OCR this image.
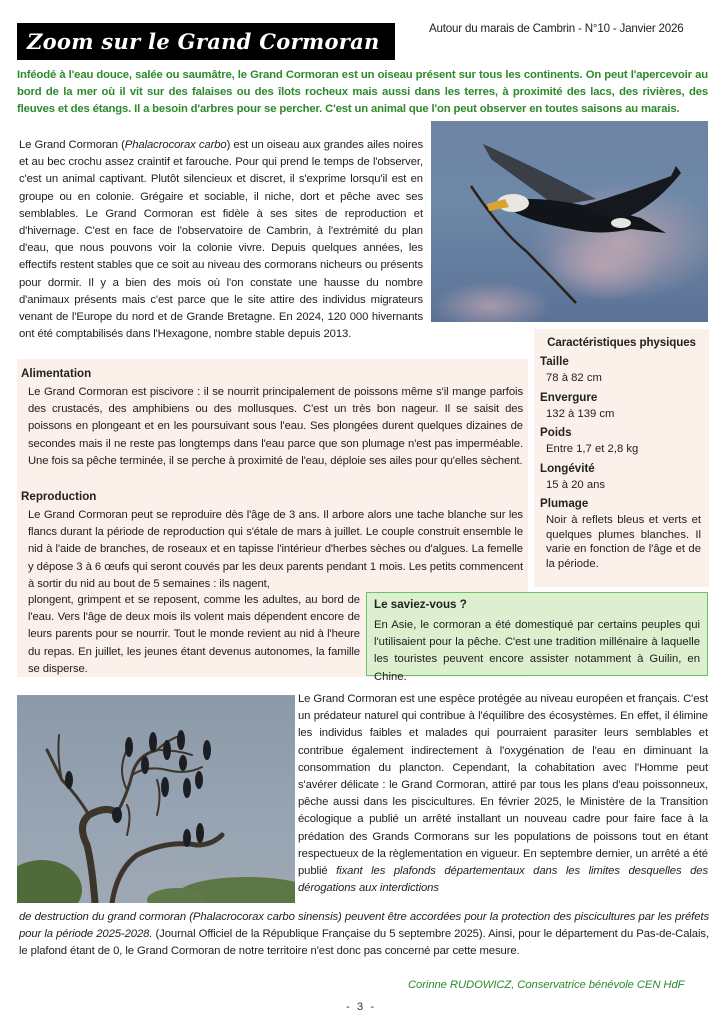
Zoom sur le Grand Cormoran
Autour du marais de Cambrin - N°10 - Janvier 2026

Inféodé à l'eau douce, salée ou saumâtre, le Grand Cormoran est un oiseau présent sur tous les continents. On peut l'apercevoir au bord de la mer où il vit sur des falaises ou des îlots rocheux mais aussi dans les terres, à proximité des lacs, des rivières, des fleuves et des étangs. Il a besoin d'arbres pour se percher. C'est un animal que l'on peut observer en toutes saisons au marais.

Le Grand Cormoran (Phalacrocorax carbo) est un oiseau aux grandes ailes noires et au bec crochu assez craintif et farouche. Pour qui prend le temps de l'observer, c'est un animal captivant. Plutôt silencieux et discret, il s'exprime lorsqu'il est en groupe ou en colonie. Grégaire et sociable, il niche, dort et pêche avec ses semblables. Le Grand Cormoran est fidèle à ses sites de reproduction et d'hivernage. C'est en face de l'observatoire de Cambrin, à l'extrémité du plan d'eau, que nous pouvons voir la colonie vivre. Depuis quelques années, les effectifs restent stables que ce soit au niveau des cormorans nicheurs ou présents pour dormir. Il y a bien des mois où l'on constate une hausse du nombre d'animaux présents mais c'est parce que le site attire des individus migrateurs venant de l'Europe du nord et de Grande Bretagne. En 2024, 120 000 hivernants ont été comptabilisés dans l'Hexagone, nombre stable depuis 2013.

Caractéristiques physiques
Taille
78 à 82 cm
Envergure
132 à 139 cm
Poids
Entre 1,7 et 2,8 kg
Longévité
15 à 20 ans
Plumage
Noir à reflets bleus et verts et quelques plumes blanches. Il varie en fonction de l'âge et de la période.
Alimentation

Le Grand Cormoran est piscivore : il se nourrit principalement de poissons même s'il mange parfois des crustacés, des amphibiens ou des mollusques. C'est un très bon nageur. Il se saisit des poissons en plongeant et en les poursuivant sous l'eau. Ses plongées durent quelques dizaines de secondes mais il ne reste pas longtemps dans l'eau parce que son plumage n'est pas imperméable. Une fois sa pêche terminée, il se perche à proximité de l'eau, déploie ses ailes pour qu'elles sèchent.

Reproduction

Le Grand Cormoran peut se reproduire dès l'âge de 3 ans. Il arbore alors une tache blanche sur les flancs durant la période de reproduction qui s'étale de mars à juillet. Le couple construit ensemble le nid à l'aide de branches, de roseaux et en tapisse l'intérieur d'herbes sèches ou d'algues. La femelle y dépose 3 à 6 œufs qui seront couvés par les deux parents pendant 1 mois. Les petits commencent à sortir du nid au bout de 5 semaines : ils nagent,

plongent, grimpent et se reposent, comme les adultes, au bord de l'eau. Vers l'âge de deux mois ils volent mais dépendent encore de leurs parents pour se nourrir. Tout le monde revient au nid à l'heure du repas. En juillet, les jeunes étant devenus autonomes, la famille se disperse.

Le saviez-vous ?

En Asie, le cormoran a été domestiqué par certains peuples qui l'utilisaient pour la pêche. C'est une tradition millénaire à laquelle les touristes peuvent encore assister notamment à Guilin, en Chine.

Le Grand Cormoran est une espèce protégée au niveau européen et français. C'est un prédateur naturel qui contribue à l'équilibre des écosystèmes. En effet, il élimine les individus faibles et malades qui pourraient parasiter leurs semblables et contribue également indirectement à l'oxygénation de l'eau en diminuant la consommation du plancton. Cependant, la cohabitation avec l'Homme peut s'avérer délicate : le Grand Cormoran, attiré par tous les plans d'eau poissonneux, pêche aussi dans les piscicultures. En février 2025, le Ministère de la Transition écologique a publié un arrêté installant un nouveau cadre pour faire face à la prédation des Grands Cormorans sur les populations de poissons tout en étant respectueux de la règlementation en vigueur. En septembre dernier, un arrêté a été publié fixant les plafonds départementaux dans les limites desquelles des dérogations aux interdictions

de destruction du grand cormoran (Phalacrocorax carbo sinensis) peuvent être accordées pour la protection des piscicultures par les préfets pour la période 2025-2028. (Journal Officiel de la République Française du 5 septembre 2025). Ainsi, pour le département du Pas-de-Calais, le plafond étant de 0, le Grand Cormoran de notre territoire n'est donc pas concerné par cette mesure.

Corinne RUDOWICZ, Conservatrice bénévole CEN HdF
- 3 -
